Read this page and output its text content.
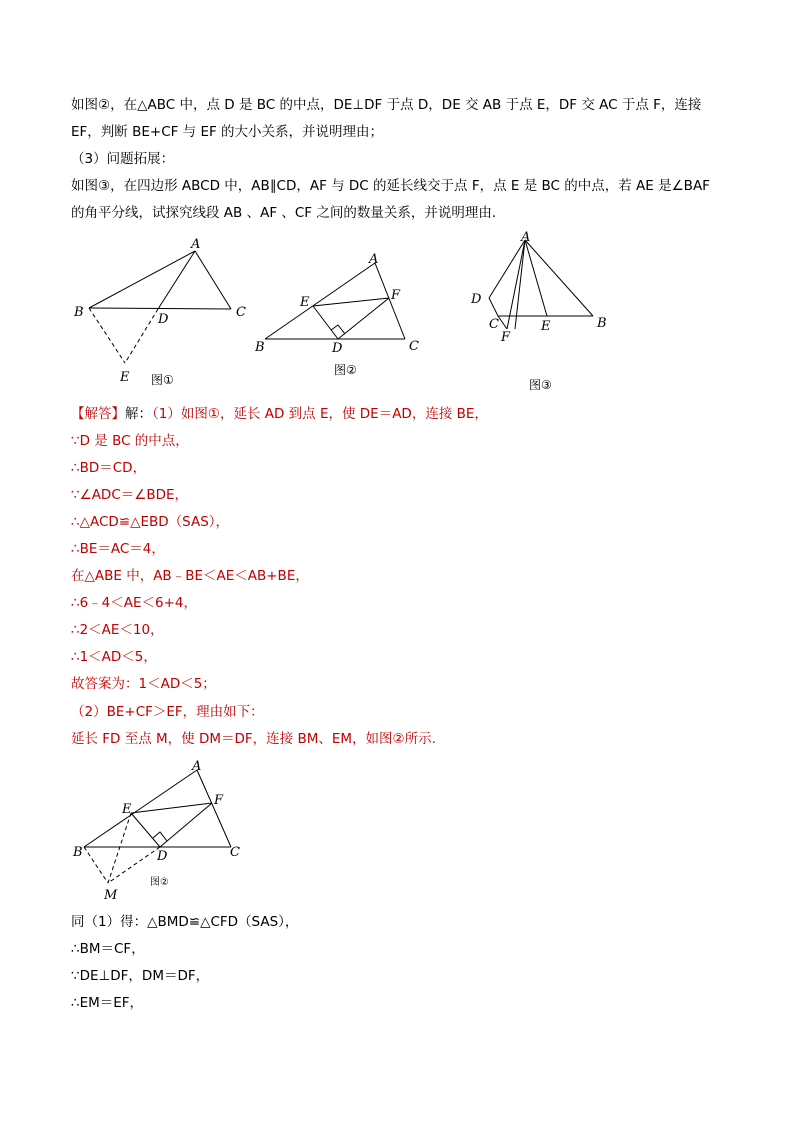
如图②，在△ABC 中，点 D 是 BC 的中点，DE⊥DF 于点 D，DE 交 AB 于点 E，DF 交 AC 于点 F，连接
EF，判断 BE+CF 与 EF 的大小关系，并说明理由；
（3）问题拓展：
如图③，在四边形 ABCD 中，AB∥CD，AF 与 DC 的延长线交于点 F，点 E 是 BC 的中点，若 AE 是∠BAF
的角平分线，试探究线段 AB 、AF 、CF 之间的数量关系，并说明理由.
A
B	C
D
E 图①
A
B	C
D
E	F
图②
A
D
C
F
E	B
图③
【解答】解：（1）如图①，延长 AD 到点 E，使 DE＝AD，连接 BE，
∵D 是 BC 的中点，
∴BD＝CD，
∵∠ADC＝∠BDE，
∴△ACD≌△EBD（SAS），
∴BE＝AC＝4，
在△ABE 中，AB﹣BE＜AE＜AB+BE，
∴6﹣4＜AE＜6+4，
∴2＜AE＜10，
∴1＜AD＜5，
故答案为：1＜AD＜5；
（2）BE+CF＞EF，理由如下：
延长 FD 至点 M，使 DM＝DF，连接 BM、EM，如图②所示.
A
B	C
D
E
F
M
图②
同（1）得：△BMD≌△CFD（SAS），
∴BM＝CF，
∵DE⊥DF，DM＝DF，
∴EM＝EF，
